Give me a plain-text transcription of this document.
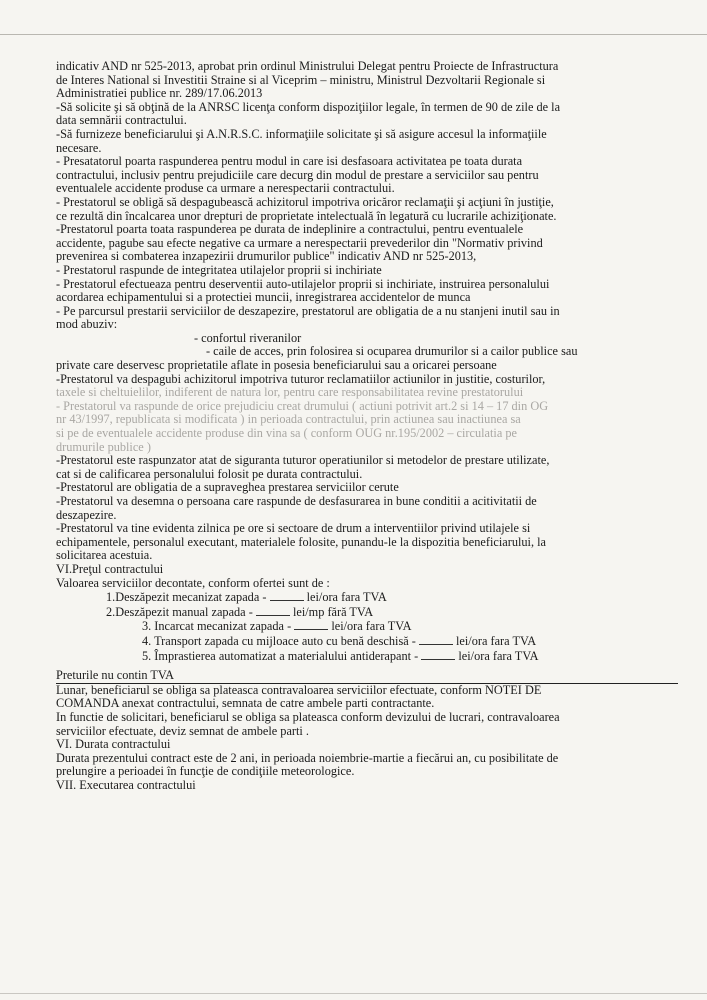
indicativ AND nr 525-2013, aprobat prin ordinul Ministrului Delegat pentru Proiecte de Infrastructura
de Interes National si Investitii Straine si al Viceprim – ministru, Ministrul Dezvoltarii Regionale si
Administratiei publice nr. 289/17.06.2013
-Să solicite şi să obţină de la ANRSC licenţa conform dispoziţiilor legale, în termen de 90 de zile de la
data semnării contractului.
-Să furnizeze beneficiarului şi A.N.R.S.C. informaţiile solicitate şi să asigure accesul la informaţiile
necesare.
- Presatatorul poarta raspunderea pentru modul in care isi desfasoara activitatea pe toata durata
contractului, inclusiv pentru prejudiciile care decurg din modul de prestare a serviciilor sau pentru
eventualele accidente produse ca urmare a nerespectarii contractului.
- Prestatorul se obligă să despagubească achizitorul impotriva oricăror reclamaţii şi acţiuni în justiţie,
ce rezultă din încalcarea unor drepturi de proprietate intelectuală în legatură cu lucrarile achiziţionate.
-Prestatorul poarta toata raspunderea pe durata de indeplinire a contractului, pentru eventualele
accidente, pagube sau efecte negative ca urmare a nerespectarii prevederilor din "Normativ privind
prevenirea si combaterea inzapezirii drumurilor publice" indicativ AND nr 525-2013,
- Prestatorul raspunde de integritatea utilajelor proprii si inchiriate
- Prestatorul efectueaza pentru deserventii auto-utilajelor proprii si inchiriate, instruirea personalului
acordarea echipamentului si a protectiei muncii, inregistrarea accidentelor de munca
- Pe parcursul prestarii serviciilor de deszapezire, prestatorul are obligatia de a nu stanjeni inutil sau in
mod abuziv:
- confortul riveranilor
- caile de acces, prin folosirea si ocuparea drumurilor si a cailor publice sau
private care deservesc proprietatile aflate in posesia beneficiarului sau a oricarei persoane
-Prestatorul va despagubi achizitorul impotriva tuturor reclamatiilor actiunilor in justitie, costurilor,
taxele si cheltuielilor, indiferent de natura lor, pentru care responsabilitatea revine prestatorului
- Prestatorul va raspunde de orice prejudiciu creat drumului ( actiuni potrivit art.2 si 14 – 17 din OG
nr 43/1997, republicata si modificata ) in perioada contractului, prin actiunea sau inactiunea sa
si pe de eventualele accidente produse din vina sa ( conform OUG nr.195/2002 – circulatia pe
drumurile publice )
-Prestatorul este raspunzator atat de siguranta tuturor operatiunilor si metodelor de prestare utilizate,
cat si de calificarea personalului folosit pe durata contractului.
-Prestatorul are obligatia de a supraveghea prestarea serviciilor cerute
-Prestatorul va desemna o persoana care raspunde de desfasurarea in bune conditii a acitivitatii de
deszapezire.
-Prestatorul va tine evidenta zilnica pe ore si sectoare de drum a interventiilor privind utilajele si
echipamentele, personalul executant, materialele folosite, punandu-le la dispozitia beneficiarului, la
solicitarea acestuia.
VI.Preţul contractului
Valoarea serviciilor decontate, conform ofertei sunt de :
1.Deszăpezit mecanizat zapada -	lei/ora fara TVA
2.Deszăpezit manual zapada -	lei/mp fără TVA
3. Incarcat mecanizat zapada -	lei/ora fara TVA
4. Transport zapada cu mijloace auto cu benă deschisă -	lei/ora fara TVA
5. Împrastierea automatizat a materialului antiderapant -	lei/ora fara TVA
Preturile nu contin TVA
Lunar, beneficiarul se obliga sa plateasca contravaloarea serviciilor efectuate, conform NOTEI DE
COMANDA anexat contractului, semnata de catre ambele parti contractante.
In functie de solicitari, beneficiarul se obliga sa plateasca conform devizului de lucrari, contravaloarea
serviciilor efectuate, deviz semnat de ambele parti .
VI. Durata contractului
Durata prezentului contract este de 2 ani, in perioada noiembrie-martie a fiecărui an, cu posibilitate de
prelungire a perioadei în funcţie de condiţiile meteorologice.
VII. Executarea contractului
